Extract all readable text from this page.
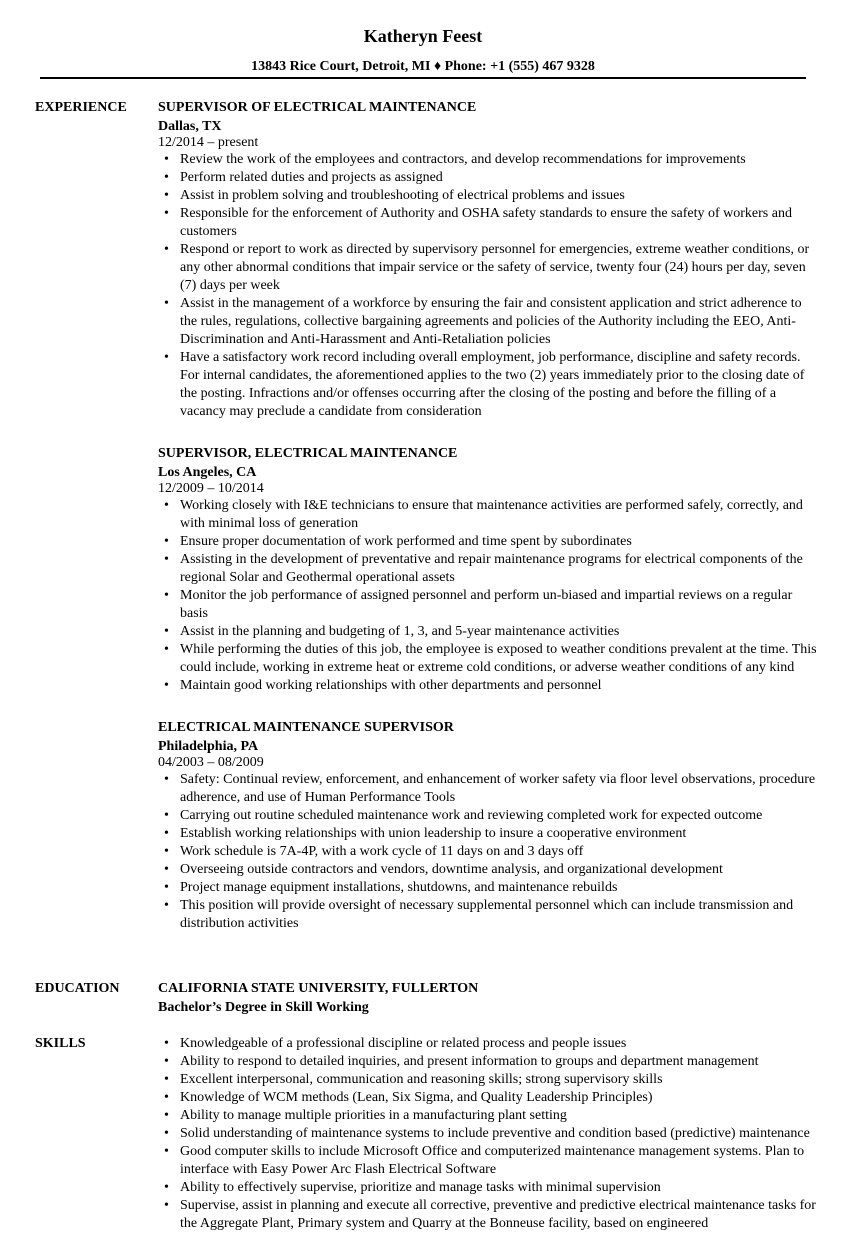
Katheryn Feest
13843 Rice Court, Detroit, MI ♦ Phone: +1 (555) 467 9328
EXPERIENCE SUPERVISOR OF ELECTRICAL MAINTENANCE
Dallas, TX
12/2014 – present
• Review the work of the employees and contractors, and develop recommendations for improvements
• Perform related duties and projects as assigned
• Assist in problem solving and troubleshooting of electrical problems and issues
• Responsible for the enforcement of Authority and OSHA safety standards to ensure the safety of workers and customers
• Respond or report to work as directed by supervisory personnel for emergencies, extreme weather conditions, or any other abnormal conditions that impair service or the safety of service, twenty four (24) hours per day, seven (7) days per week
• Assist in the management of a workforce by ensuring the fair and consistent application and strict adherence to the rules, regulations, collective bargaining agreements and policies of the Authority including the EEO, Anti-Discrimination and Anti-Harassment and Anti-Retaliation policies
• Have a satisfactory work record including overall employment, job performance, discipline and safety records. For internal candidates, the aforementioned applies to the two (2) years immediately prior to the closing date of the posting. Infractions and/or offenses occurring after the closing of the posting and before the filling of a vacancy may preclude a candidate from consideration
SUPERVISOR, ELECTRICAL MAINTENANCE
Los Angeles, CA
12/2009 – 10/2014
• Working closely with I&E technicians to ensure that maintenance activities are performed safely, correctly, and with minimal loss of generation
• Ensure proper documentation of work performed and time spent by subordinates
• Assisting in the development of preventative and repair maintenance programs for electrical components of the regional Solar and Geothermal operational assets
• Monitor the job performance of assigned personnel and perform un-biased and impartial reviews on a regular basis
• Assist in the planning and budgeting of 1, 3, and 5-year maintenance activities
• While performing the duties of this job, the employee is exposed to weather conditions prevalent at the time. This could include, working in extreme heat or extreme cold conditions, or adverse weather conditions of any kind
• Maintain good working relationships with other departments and personnel
ELECTRICAL MAINTENANCE SUPERVISOR
Philadelphia, PA
04/2003 – 08/2009
• Safety: Continual review, enforcement, and enhancement of worker safety via floor level observations, procedure adherence, and use of Human Performance Tools
• Carrying out routine scheduled maintenance work and reviewing completed work for expected outcome
• Establish working relationships with union leadership to insure a cooperative environment
• Work schedule is 7A-4P, with a work cycle of 11 days on and 3 days off
• Overseeing outside contractors and vendors, downtime analysis, and organizational development
• Project manage equipment installations, shutdowns, and maintenance rebuilds
• This position will provide oversight of necessary supplemental personnel which can include transmission and distribution activities
EDUCATION	CALIFORNIA STATE UNIVERSITY, FULLERTON
Bachelor’s Degree in Skill Working
SKILLS
•	Knowledgeable of a professional discipline or related process and people issues
• Ability to respond to detailed inquiries, and present information to groups and department management
• Excellent interpersonal, communication and reasoning skills; strong supervisory skills
• Knowledge of WCM methods (Lean, Six Sigma, and Quality Leadership Principles)
• Ability to manage multiple priorities in a manufacturing plant setting
• Solid understanding of maintenance systems to include preventive and condition based (predictive) maintenance
• Good computer skills to include Microsoft Office and computerized maintenance management systems. Plan to interface with Easy Power Arc Flash Electrical Software
• Ability to effectively supervise, prioritize and manage tasks with minimal supervision
• Supervise, assist in planning and execute all corrective, preventive and predictive electrical maintenance tasks for the Aggregate Plant, Primary system and Quarry at the Bonneuse facility, based on engineered
